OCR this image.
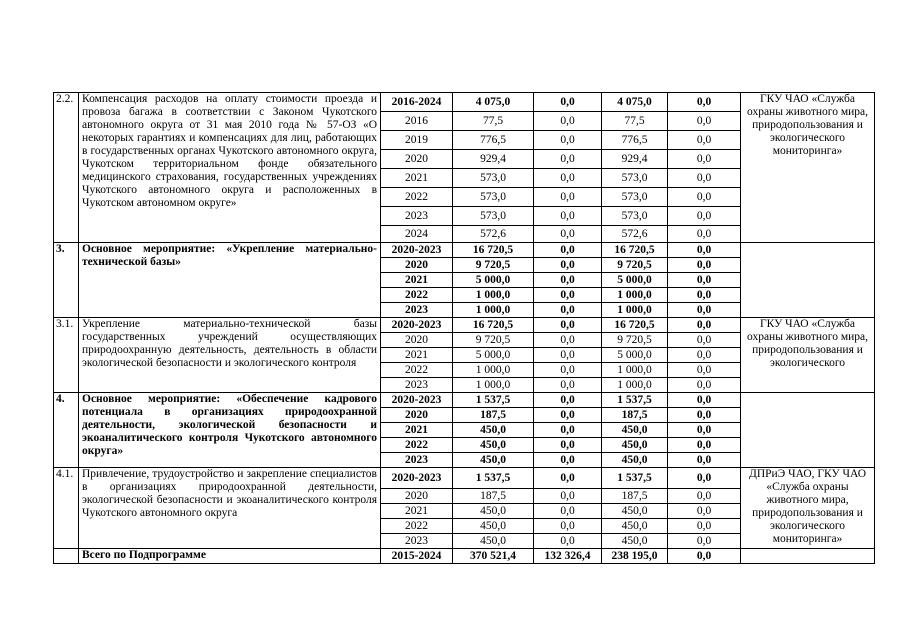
2.2.	Компенсация расходов на оплату стоимости проезда и провоза багажа в соответствии с Законом Чукотского автономного округа от 31 мая 2010 года № 57-ОЗ «О некоторых гарантиях и компенсациях для лиц, работающих в государственных органах Чукотского автономного округа, Чукотском территориальном фонде обязательного медицинского страхования, государственных учреждениях Чукотского автономного округа и расположенных в Чукотском автономном округе»	2016-2024	4 075,0	0,0	4 075,0	0,0	ГКУ ЧАО «Служба охраны животного мира, природопользования и экологического мониторинга»

		2016	77,5	0,0	77,5	0,0	
		2019	776,5	0,0	776,5	0,0	
		2020	929,4	0,0	929,4	0,0	
		2021	573,0	0,0	573,0	0,0	
		2022	573,0	0,0	573,0	0,0	
		2023	573,0	0,0	573,0	0,0	
		2024	572,6	0,0	572,6	0,0	
3.	Основное мероприятие: «Укрепление материально-технической базы»	2020-2023	16 720,5	0,0	16 720,5	0,0	

		2020	9 720,5	0,0	9 720,5	0,0	
		2021	5 000,0	0,0	5 000,0	0,0	
		2022	1 000,0	0,0	1 000,0	0,0	
		2023	1 000,0	0,0	1 000,0	0,0	
3.1.	Укрепление материально-технической базы государственных учреждений осуществляющих природоохранную деятельность, деятельность в области экологической безопасности и экологического контроля	2020-2023	16 720,5	0,0	16 720,5	0,0	ГКУ ЧАО «Служба охраны животного мира, природопользования и экологического

		2020	9 720,5	0,0	9 720,5	0,0	
		2021	5 000,0	0,0	5 000,0	0,0	
		2022	1 000,0	0,0	1 000,0	0,0	
		2023	1 000,0	0,0	1 000,0	0,0	
4.	Основное мероприятие: «Обеспечение кадрового потенциала в организациях природоохранной деятельности, экологической безопасности и экоаналитического контроля Чукотского автономного округа»	2020-2023	1 537,5	0,0	1 537,5	0,0	

		2020	187,5	0,0	187,5	0,0	
		2021	450,0	0,0	450,0	0,0	
		2022	450,0	0,0	450,0	0,0	
		2023	450,0	0,0	450,0	0,0	
4.1.	Привлечение, трудоустройство и закрепление специалистов в организациях природоохранной деятельности, экологической безопасности и экоаналитического контроля Чукотского автономного округа	2020-2023	1 537,5	0,0	1 537,5	0,0	ДПРиЭ ЧАО, ГКУ ЧАО «Служба охраны животного мира, природопользования и экологического мониторинга»

		2020	187,5	0,0	187,5	0,0	
		2021	450,0	0,0	450,0	0,0	
		2022	450,0	0,0	450,0	0,0	
		2023	450,0	0,0	450,0	0,0	
	Всего по Подпрограмме	2015-2024	370 521,4	132 326,4	238 195,0	0,0	
